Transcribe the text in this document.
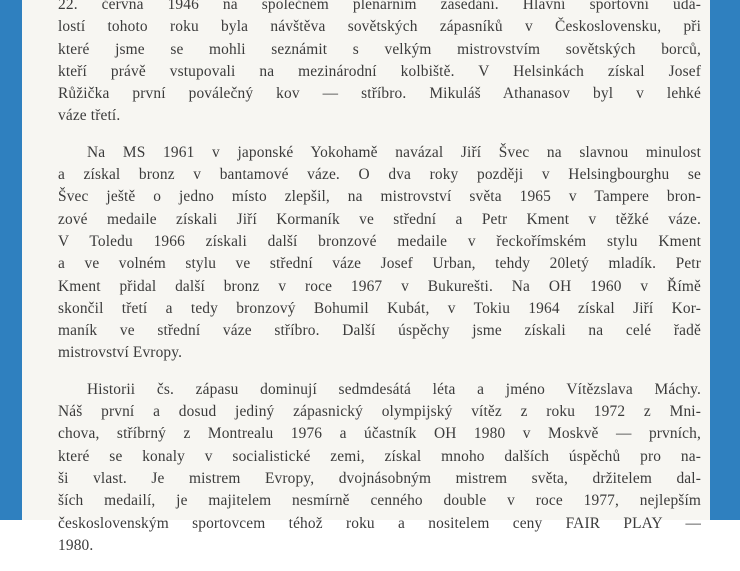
22. června 1946 na společném plenárním zasedání. Hlavní sportovní udá-
lostí tohoto roku byla návštěva sovětských zápasníků v Československu, při
které jsme se mohli seznámit s velkým mistrovstvím sovětských borců,
kteří právě vstupovali na mezinárodní kolbiště. V Helsinkách získal Josef
Růžička první poválečný kov — stříbro. Mikuláš Athanasov byl v lehké
váze třetí.
Na MS 1961 v japonské Yokohamě navázal Jiří Švec na slavnou minulost
a získal bronz v bantamové váze. O dva roky později v Helsingbourghu se
Švec ještě o jedno místo zlepšil, na mistrovství světa 1965 v Tampere bron-
zové medaile získali Jiří Kormaník ve střední a Petr Kment v těžké váze.
V Toledu 1966 získali další bronzové medaile v řeckořímském stylu Kment
a ve volném stylu ve střední váze Josef Urban, tehdy 20letý mladík. Petr
Kment přidal další bronz v roce 1967 v Bukurešti. Na OH 1960 v Římě
skončil třetí a tedy bronzový Bohumil Kubát, v Tokiu 1964 získal Jiří Kor-
maník ve střední váze stříbro. Další úspěchy jsme získali na celé řadě
mistrovství Evropy.
Historii čs. zápasu dominují sedmdesátá léta a jméno Vítězslava Máchy.
Náš první a dosud jediný zápasnický olympijský vítěz z roku 1972 z Mni-
chova, stříbrný z Montrealu 1976 a účastník OH 1980 v Moskvě — prvních,
které se konaly v socialistické zemi, získal mnoho dalších úspěchů pro na-
ši vlast. Je mistrem Evropy, dvojnásobným mistrem světa, držitelem dal-
ších medailí, je majitelem nesmírně cenného double v roce 1977, nejlepším
československým sportovcem téhož roku a nositelem ceny FAIR PLAY —
1980.
